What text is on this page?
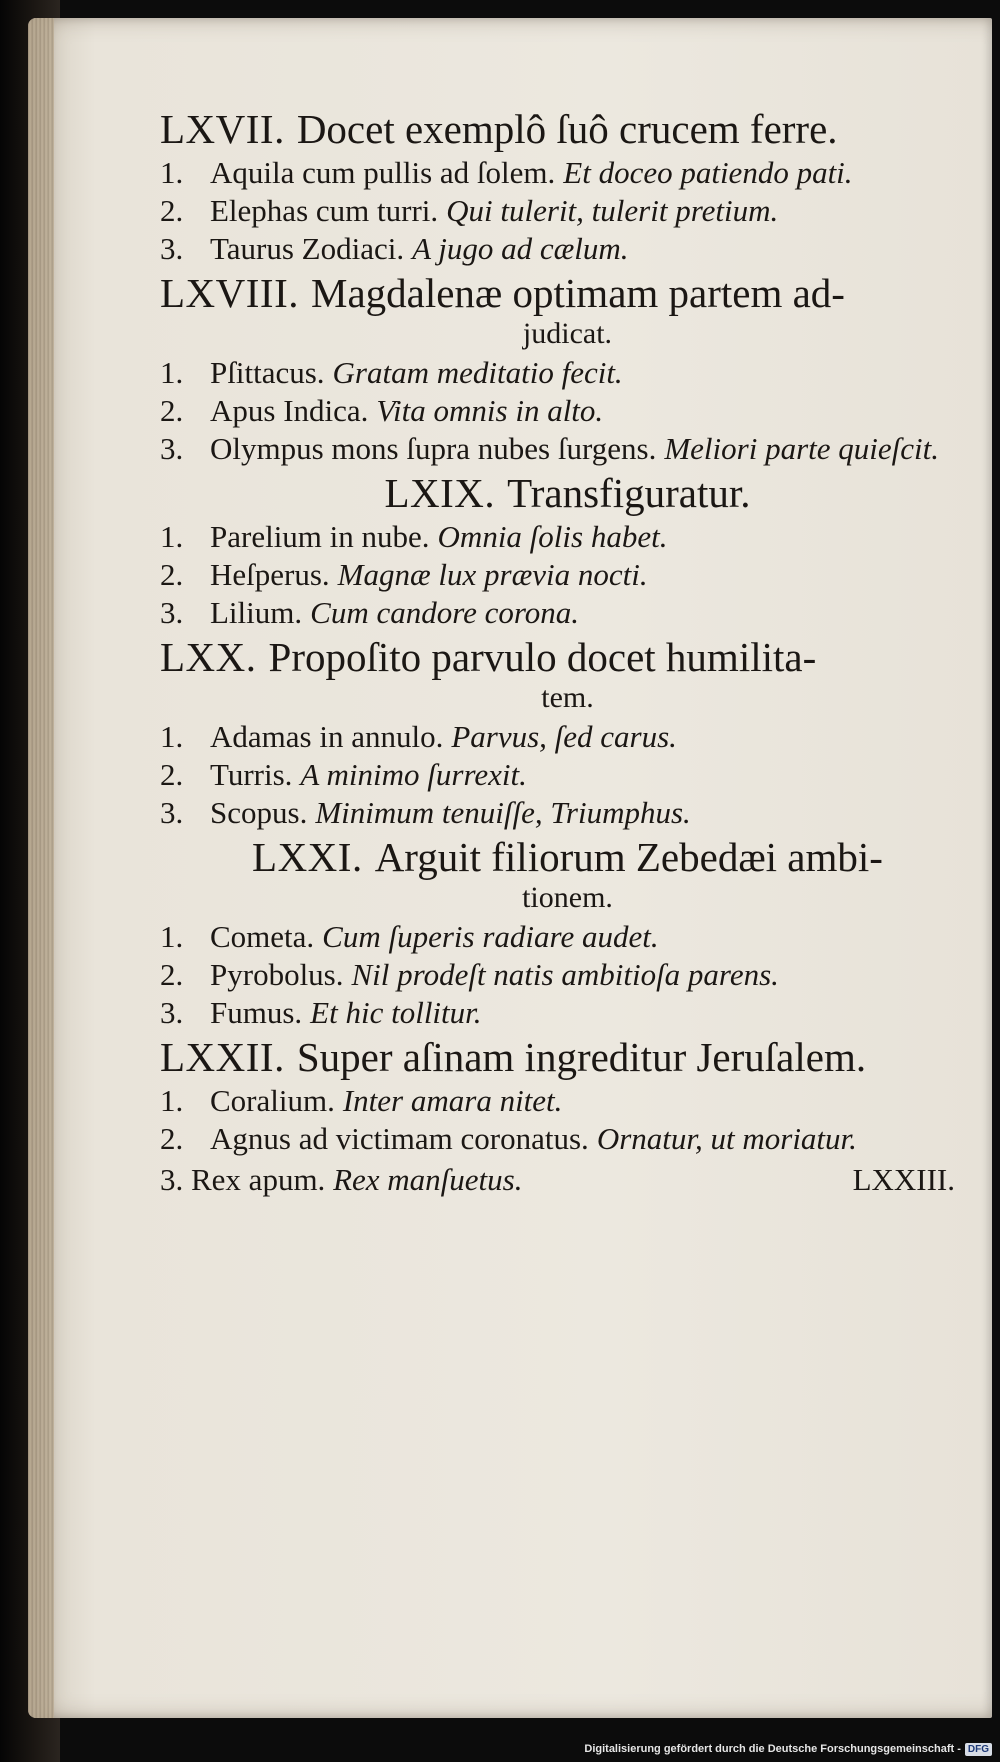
LXVII. Docet exemplô ſuô crucem ferre.

1. Aquila cum pullis ad ſolem. Et doceo patiendo pati.

2. Elephas cum turri. Qui tulerit, tulerit pretium.

3. Taurus Zodiaci. A jugo ad cælum.

LXVIII. Magdalenæ optimam partem ad-

judicat.

1. Pſittacus. Gratam meditatio fecit.

2. Apus Indica. Vita omnis in alto.

3. Olympus mons ſupra nubes ſurgens. Meliori parte quieſcit.

LXIX. Transfiguratur.

1. Parelium in nube. Omnia ſolis habet.

2. Heſperus. Magnæ lux prævia nocti.

3. Lilium. Cum candore corona.

LXX. Propoſito parvulo docet humilita-

tem.

1. Adamas in annulo. Parvus, ſed carus.

2. Turris. A minimo ſurrexit.

3. Scopus. Minimum tenuiſſe, Triumphus.

LXXI. Arguit filiorum Zebedæi ambi-

tionem.

1. Cometa. Cum ſuperis radiare audet.

2. Pyrobolus. Nil prodeſt natis ambitioſa parens.

3. Fumus. Et hic tollitur.

LXXII. Super aſinam ingreditur Jeruſalem.

1. Coralium. Inter amara nitet.

2. Agnus ad victimam coronatus. Ornatur, ut moriatur.

3. Rex apum. Rex manſuetus.	LXXIII.
Digitalisierung gefördert durch die Deutsche Forschungsgemeinschaft - DFG
